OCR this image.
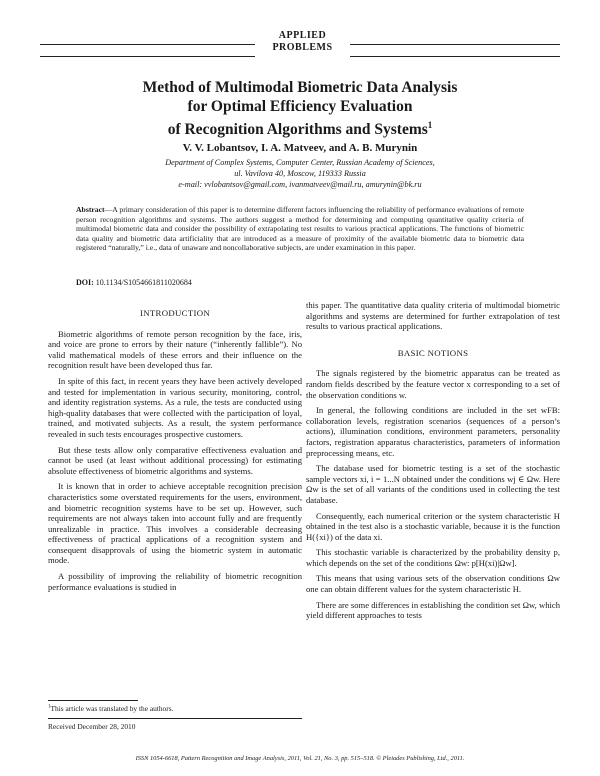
APPLIED
PROBLEMS
Method of Multimodal Biometric Data Analysis
for Optimal Efficiency Evaluation
of Recognition Algorithms and Systems$^1$
V. V. Lobantsov, I. A. Matveev, and A. B. Murynin
Department of Complex Systems, Computer Center, Russian Academy of Sciences,
ul. Vavilova 40, Moscow, 119333 Russia
e-mail: vvlobantsov@gmail.com, ivanmatveev@mail.ru, amurynin@bk.ru
Abstract—A primary consideration of this paper is to determine different factors influencing the reliability of performance evaluations of remote person recognition algorithms and systems. The authors suggest a method for determining and computing quantitative quality criteria of multimodal biometric data and consider the possibility of extrapolating test results to various practical applications. The functions of biometric data quality and biometric data artificiality that are introduced as a measure of proximity of the available biometric data to biometric data registered “naturally,” i.e., data of unaware and noncollaborative subjects, are under examination in this paper.
DOI: 10.1134/S1054661811020684
INTRODUCTION

Biometric algorithms of remote person recognition by the face, iris, and voice are prone to errors by their nature (“inherently fallible”). No valid mathematical models of these errors and their influence on the recognition result have been developed thus far.

In spite of this fact, in recent years they have been actively developed and tested for implementation in various security, monitoring, control, and identity registration systems. As a rule, the tests are conducted using high-quality databases that were collected with the participation of loyal, trained, and motivated subjects. As a result, the system performance revealed in such tests encourages prospective customers.

But these tests allow only comparative effectiveness evaluation and cannot be used (at least without additional processing) for estimating absolute effectiveness of biometric algorithms and systems.

It is known that in order to achieve acceptable recognition precision characteristics some overstated requirements for the users, environment, and biometric recognition systems have to be set up. However, such requirements are not always taken into account fully and are frequently unrealizable in practice. This involves a considerable decreasing effectiveness of practical applications of a recognition system and consequent disapprovals of using the biometric system in automatic mode.

A possibility of improving the reliability of biometric recognition performance evaluations is studied in

this paper. The quantitative data quality criteria of multimodal biometric algorithms and systems are determined for further extrapolation of test results to various practical applications.

BASIC NOTIONS

The signals registered by the biometric apparatus can be treated as random fields described by the feature vector x corresponding to a set of the observation conditions w.

In general, the following conditions are included in the set wFB: collaboration levels, registration scenarios (sequences of a person’s actions), illumination conditions, environment parameters, personality factors, registration apparatus characteristics, parameters of information preprocessing means, etc.

The database used for biometric testing is a set of the stochastic sample vectors xi, i = 1...N obtained under the conditions wj ∈ Ωw. Here Ωw is the set of all variants of the conditions used in collecting the test database.

Consequently, each numerical criterion or the system characteristic H obtained in the test also is a stochastic variable, because it is the function H({xi}) of the data xi.

This stochastic variable is characterized by the probability density p, which depends on the set of the conditions Ωw: p[H(xi)|Ωw].

This means that using various sets of the observation conditions Ωw one can obtain different values for the system characteristic H.

There are some differences in establishing the condition set Ωw, which yield different approaches to tests

$^1$This article was translated by the authors.
Received December 28, 2010
ISSN 1054-6618, Pattern Recognition and Image Analysis, 2011, Vol. 21, No. 3, pp. 515–518. © Pleiades Publishing, Ltd., 2011.
